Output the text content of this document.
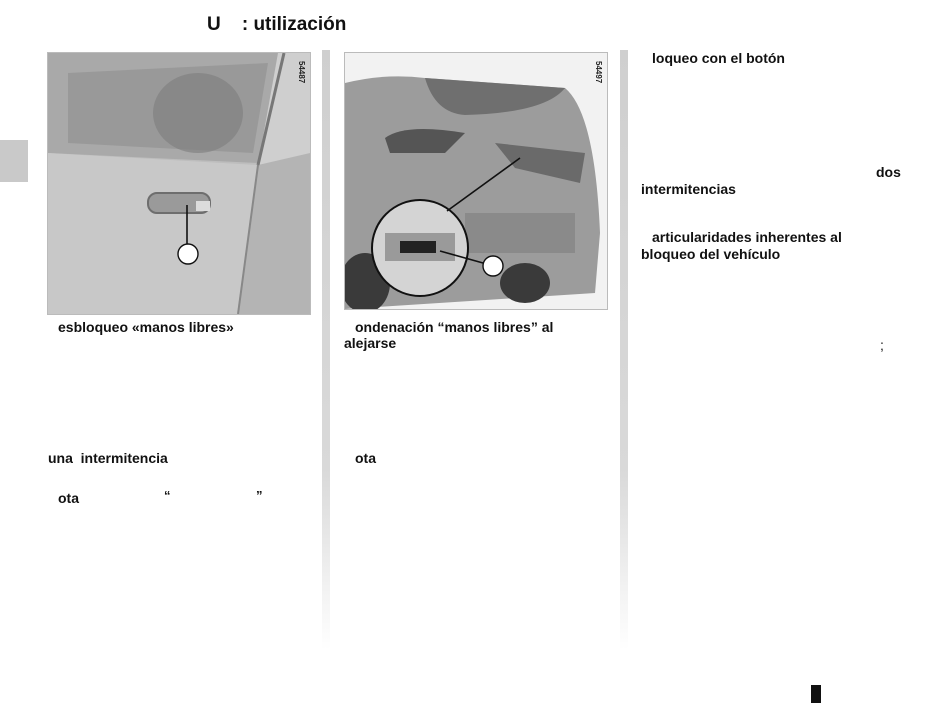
U    : utilización
54487	54497
esbloqueo «manos libres»
una  intermitencia
ota	“	”
ondenación “manos libres” al
alejarse
ota
loqueo con el botón
dos
intermitencias
articularidades inherentes al
bloqueo del vehículo
;
